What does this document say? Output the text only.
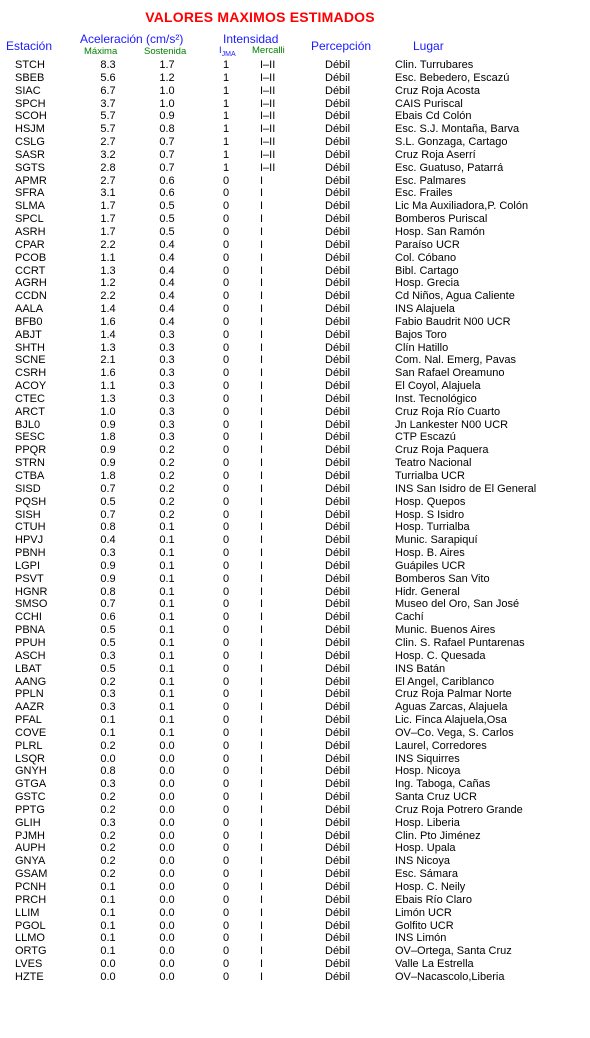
VALORES MAXIMOS ESTIMADOS
Estación Aceleración (cm/s²)
Máxima	Sostenida
Intensidad
$I_{JMA}$ Mercalli Percepción	Lugar
STCH	8.3	1.7	1	I–II	Débil	Clin. Turrubares
SBEB	5.6	1.2	1	I–II	Débil	Esc. Bebedero, Escazú
SIAC	6.7	1.0	1	I–II	Débil	Cruz Roja Acosta
SPCH	3.7	1.0	1	I–II	Débil	CAIS Puriscal
SCOH	5.7	0.9	1	I–II	Débil	Ebais Cd Colón
HSJM	5.7	0.8	1	I–II	Débil	Esc. S.J. Montaña, Barva
CSLG	2.7	0.7	1	I–II	Débil	S.L. Gonzaga, Cartago
SASR	3.2	0.7	1	I–II	Débil	Cruz Roja Aserrí
SGTS	2.8	0.7	1	I–II	Débil	Esc. Guatuso, Patarrá
APMR	2.7	0.6	0	I	Débil	Esc. Palmares
SFRA	3.1	0.6	0	I	Débil	Esc. Frailes
SLMA	1.7	0.5	0	I	Débil	Lic Ma Auxiliadora,P. Colón
SPCL	1.7	0.5	0	I	Débil	Bomberos Puriscal
ASRH	1.7	0.5	0	I	Débil	Hosp. San Ramón
CPAR	2.2	0.4	0	I	Débil	Paraíso UCR
PCOB	1.1	0.4	0	I	Débil	Col. Cóbano
CCRT	1.3	0.4	0	I	Débil	Bibl. Cartago
AGRH	1.2	0.4	0	I	Débil	Hosp. Grecia
CCDN	2.2	0.4	0	I	Débil	Cd Niños, Agua Caliente
AALA	1.4	0.4	0	I	Débil	INS Alajuela
BFB0	1.6	0.4	0	I	Débil	Fabio Baudrit N00 UCR
ABJT	1.4	0.3	0	I	Débil	Bajos Toro
SHTH	1.3	0.3	0	I	Débil	Clín Hatillo
SCNE	2.1	0.3	0	I	Débil	Com. Nal. Emerg, Pavas
CSRH	1.6	0.3	0	I	Débil	San Rafael Oreamuno
ACOY	1.1	0.3	0	I	Débil	El Coyol, Alajuela
CTEC	1.3	0.3	0	I	Débil	Inst. Tecnológico
ARCT	1.0	0.3	0	I	Débil	Cruz Roja Río Cuarto
BJL0	0.9	0.3	0	I	Débil	Jn Lankester N00 UCR
SESC	1.8	0.3	0	I	Débil	CTP Escazú
PPQR	0.9	0.2	0	I	Débil	Cruz Roja Paquera
STRN	0.9	0.2	0	I	Débil	Teatro Nacional
CTBA	1.8	0.2	0	I	Débil	Turrialba UCR
SISD	0.7	0.2	0	I	Débil	INS San Isidro de El General
PQSH	0.5	0.2	0	I	Débil	Hosp. Quepos
SISH	0.7	0.2	0	I	Débil	Hosp. S Isidro
CTUH	0.8	0.1	0	I	Débil	Hosp. Turrialba
HPVJ	0.4	0.1	0	I	Débil	Munic. Sarapiquí
PBNH	0.3	0.1	0	I	Débil	Hosp. B. Aires
LGPI	0.9	0.1	0	I	Débil	Guápiles UCR
PSVT	0.9	0.1	0	I	Débil	Bomberos San Vito
HGNR	0.8	0.1	0	I	Débil	Hidr. General
SMSO	0.7	0.1	0	I	Débil	Museo del Oro, San José
CCHI	0.6	0.1	0	I	Débil	Cachí
PBNA	0.5	0.1	0	I	Débil	Munic. Buenos Aires
PPUH	0.5	0.1	0	I	Débil	Clin. S. Rafael Puntarenas
ASCH	0.3	0.1	0	I	Débil	Hosp. C. Quesada
LBAT	0.5	0.1	0	I	Débil	INS Batán
AANG	0.2	0.1	0	I	Débil	El Angel, Cariblanco
PPLN	0.3	0.1	0	I	Débil	Cruz Roja Palmar Norte
AAZR	0.3	0.1	0	I	Débil	Aguas Zarcas, Alajuela
PFAL	0.1	0.1	0	I	Débil	Lic. Finca Alajuela,Osa
COVE	0.1	0.1	0	I	Débil	OV–Co. Vega, S. Carlos
PLRL	0.2	0.0	0	I	Débil	Laurel, Corredores
LSQR	0.0	0.0	0	I	Débil	INS Siquirres
GNYH	0.8	0.0	0	I	Débil	Hosp. Nicoya
GTGA	0.3	0.0	0	I	Débil	Ing. Taboga, Cañas
GSTC	0.2	0.0	0	I	Débil	Santa Cruz UCR
PPTG	0.2	0.0	0	I	Débil	Cruz Roja Potrero Grande
GLIH	0.3	0.0	0	I	Débil	Hosp. Liberia
PJMH	0.2	0.0	0	I	Débil	Clin. Pto Jiménez
AUPH	0.2	0.0	0	I	Débil	Hosp. Upala
GNYA	0.2	0.0	0	I	Débil	INS Nicoya
GSAM	0.2	0.0	0	I	Débil	Esc. Sámara
PCNH	0.1	0.0	0	I	Débil	Hosp. C. Neily
PRCH	0.1	0.0	0	I	Débil	Ebais Río Claro
LLIM	0.1	0.0	0	I	Débil	Limón UCR
PGOL	0.1	0.0	0	I	Débil	Golfito UCR
LLMO	0.1	0.0	0	I	Débil	INS Limón
ORTG	0.1	0.0	0	I	Débil	OV–Ortega, Santa Cruz
LVES	0.0	0.0	0	I	Débil	Valle La Estrella
HZTE	0.0	0.0	0	I	Débil	OV–Nacascolo,Liberia
